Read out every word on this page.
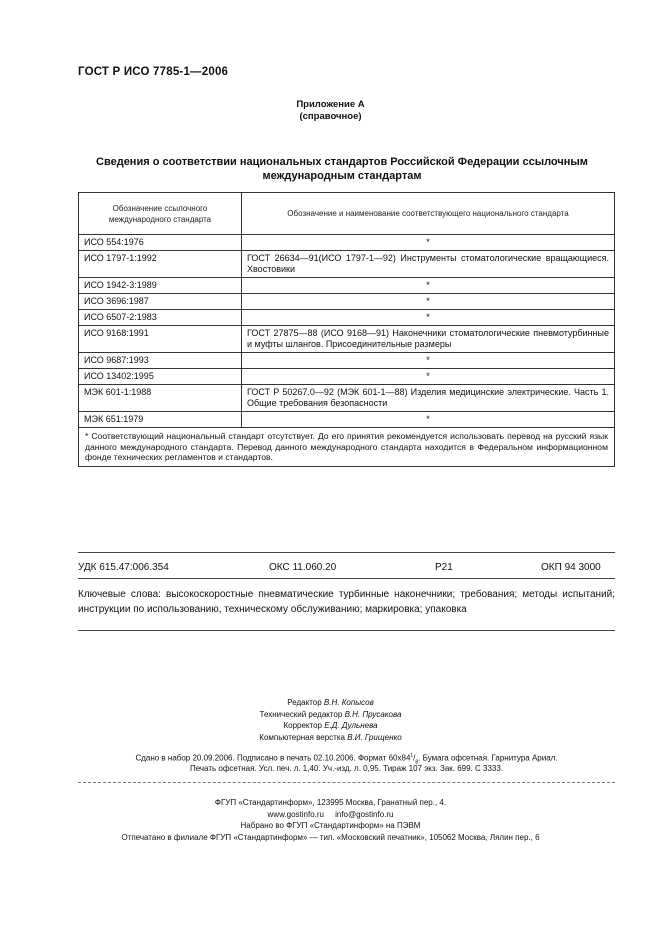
ГОСТ Р ИСО 7785-1—2006
Приложение А
(справочное)
Сведения о соответствии национальных стандартов Российской Федерации ссылочным международным стандартам
Обозначение ссылочного международного стандарта	Обозначение и наименование соответствующего национального стандарта
ИСО 554:1976	*
ИСО 1797-1:1992	ГОСТ 26634—91(ИСО 1797-1—92) Инструменты стоматологические вращающиеся. Хвостовики
ИСО 1942-3:1989	*
ИСО 3696:1987	*
ИСО 6507-2:1983	*
ИСО 9168:1991	ГОСТ 27875—88 (ИСО 9168—91) Наконечники стоматологические пневмотурбинные и муфты шлангов. Присоединительные размеры
ИСО 9687:1993	*
ИСО 13402:1995	*
МЭК 601-1:1988	ГОСТ Р 50267.0—92 (МЭК 601-1—88) Изделия медицинские электрические. Часть 1. Общие требования безопасности
МЭК 651:1979	*
* Соответствующий национальный стандарт отсутствует. До его принятия рекомендуется использовать перевод на русский язык данного международного стандарта. Перевод данного международного стандарта находится в Федеральном информационном фонде технических регламентов и стандартов.	
УДК 615.47:006.354	ОКС 11.060.20	Р21	ОКП 94 3000
Ключевые слова: высокоскоростные пневматические турбинные наконечники; требования; методы испытаний; инструкции по использованию, техническому обслуживанию; маркировка; упаковка
Редактор В.Н. Копысов
Технический редактор В.Н. Прусакова
Корректор Е.Д. Дульнева
Компьютерная верстка В.И. Грищенко
Сдано в набор 20.09.2006. Подписано в печать 02.10.2006. Формат $60x84^1/_8$. Бумага офсетная. Гарнитура Ариал.
Печать офсетная. Усл. печ. л. 1,40. Уч.-изд. л. 0,95. Тираж 107 экз. Зак. 699. С 3333.
ФГУП «Стандартинформ», 123995 Москва, Гранатный пер., 4.
www.gostinfo.ru info@gostinfo.ru
Набрано во ФГУП «Стандартинформ» на ПЭВМ
Отпечатано в филиале ФГУП «Стандартинформ» — тип. «Московский печатник», 105062 Москва, Лялин пер., 6
